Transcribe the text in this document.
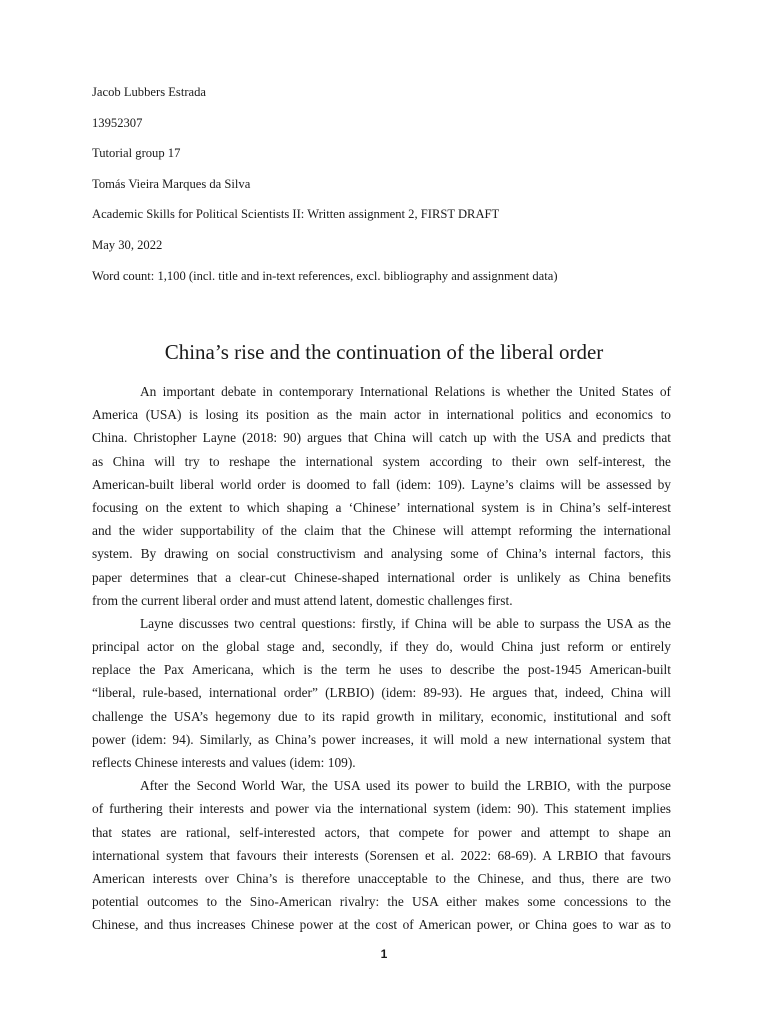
Jacob Lubbers Estrada
13952307
Tutorial group 17
Tomás Vieira Marques da Silva
Academic Skills for Political Scientists II: Written assignment 2, FIRST DRAFT
May 30, 2022
Word count: 1,100 (incl. title and in-text references, excl. bibliography and assignment data)
China’s rise and the continuation of the liberal order
An important debate in contemporary International Relations is whether the United States of
America (USA) is losing its position as the main actor in international politics and economics to
China. Christopher Layne (2018: 90) argues that China will catch up with the USA and predicts that
as China will try to reshape the international system according to their own self-interest, the
American-built liberal world order is doomed to fall (idem: 109). Layne’s claims will be assessed by
focusing on the extent to which shaping a ‘Chinese’ international system is in China’s self-interest
and the wider supportability of the claim that the Chinese will attempt reforming the international
system. By drawing on social constructivism and analysing some of China’s internal factors, this
paper determines that a clear-cut Chinese-shaped international order is unlikely as China benefits
from the current liberal order and must attend latent, domestic challenges first.
Layne discusses two central questions: firstly, if China will be able to surpass the USA as the
principal actor on the global stage and, secondly, if they do, would China just reform or entirely
replace the Pax Americana, which is the term he uses to describe the post-1945 American-built
“liberal, rule-based, international order” (LRBIO) (idem: 89-93). He argues that, indeed, China will
challenge the USA’s hegemony due to its rapid growth in military, economic, institutional and soft
power (idem: 94). Similarly, as China’s power increases, it will mold a new international system that
reflects Chinese interests and values (idem: 109).
After the Second World War, the USA used its power to build the LRBIO, with the purpose
of furthering their interests and power via the international system (idem: 90). This statement implies
that states are rational, self-interested actors, that compete for power and attempt to shape an
international system that favours their interests (Sorensen et al. 2022: 68-69). A LRBIO that favours
American interests over China’s is therefore unacceptable to the Chinese, and thus, there are two
potential outcomes to the Sino-American rivalry: the USA either makes some concessions to the
Chinese, and thus increases Chinese power at the cost of American power, or China goes to war as to
1
